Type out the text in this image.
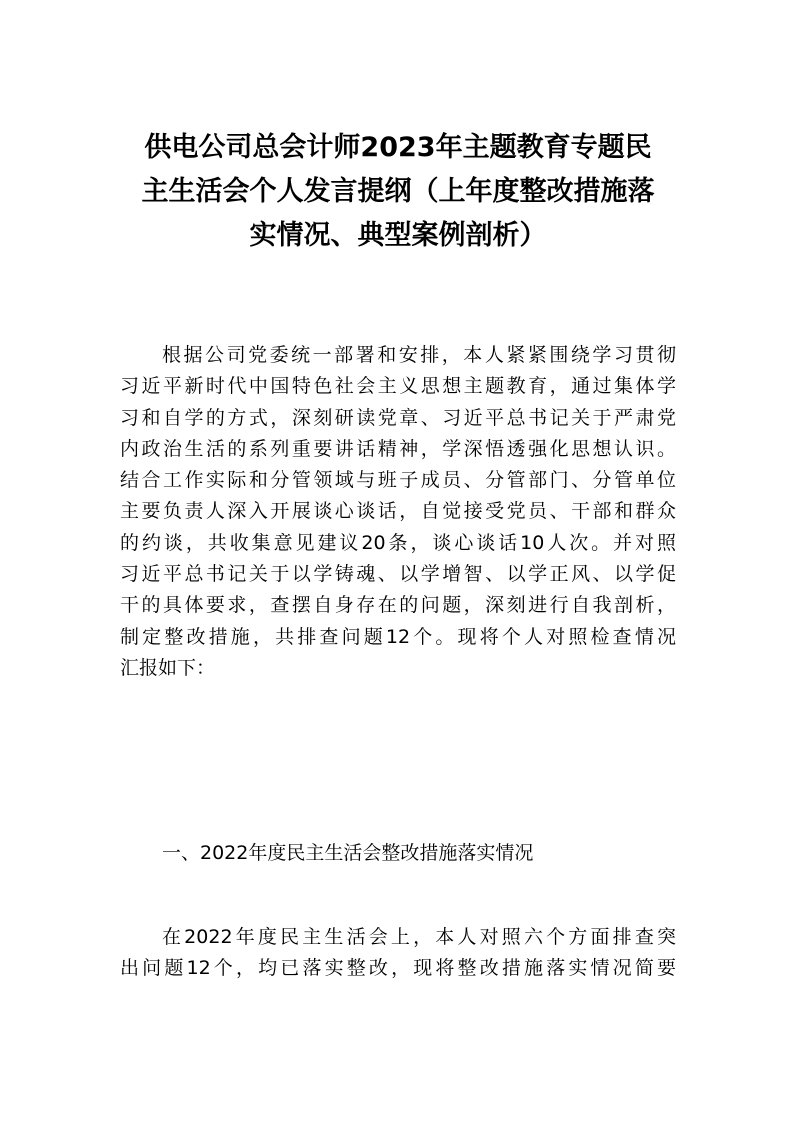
供电公司总会计师2023年主题教育专题民
主生活会个人发言提纲（上年度整改措施落
实情况、典型案例剖析）
根据公司党委统一部署和安排，本人紧紧围绕学习贯彻
习近平新时代中国特色社会主义思想主题教育，通过集体学
习和自学的方式，深刻研读党章、习近平总书记关于严肃党
内政治生活的系列重要讲话精神，学深悟透强化思想认识。
结合工作实际和分管领域与班子成员、分管部门、分管单位
主要负责人深入开展谈心谈话，自觉接受党员、干部和群众
的约谈，共收集意见建议20条，谈心谈话10人次。并对照
习近平总书记关于以学铸魂、以学增智、以学正风、以学促
干的具体要求，查摆自身存在的问题，深刻进行自我剖析，
制定整改措施，共排查问题12个。现将个人对照检查情况
汇报如下：
一、2022年度民主生活会整改措施落实情况
在2022年度民主生活会上，本人对照六个方面排查突
出问题12个，均已落实整改，现将整改措施落实情况简要
